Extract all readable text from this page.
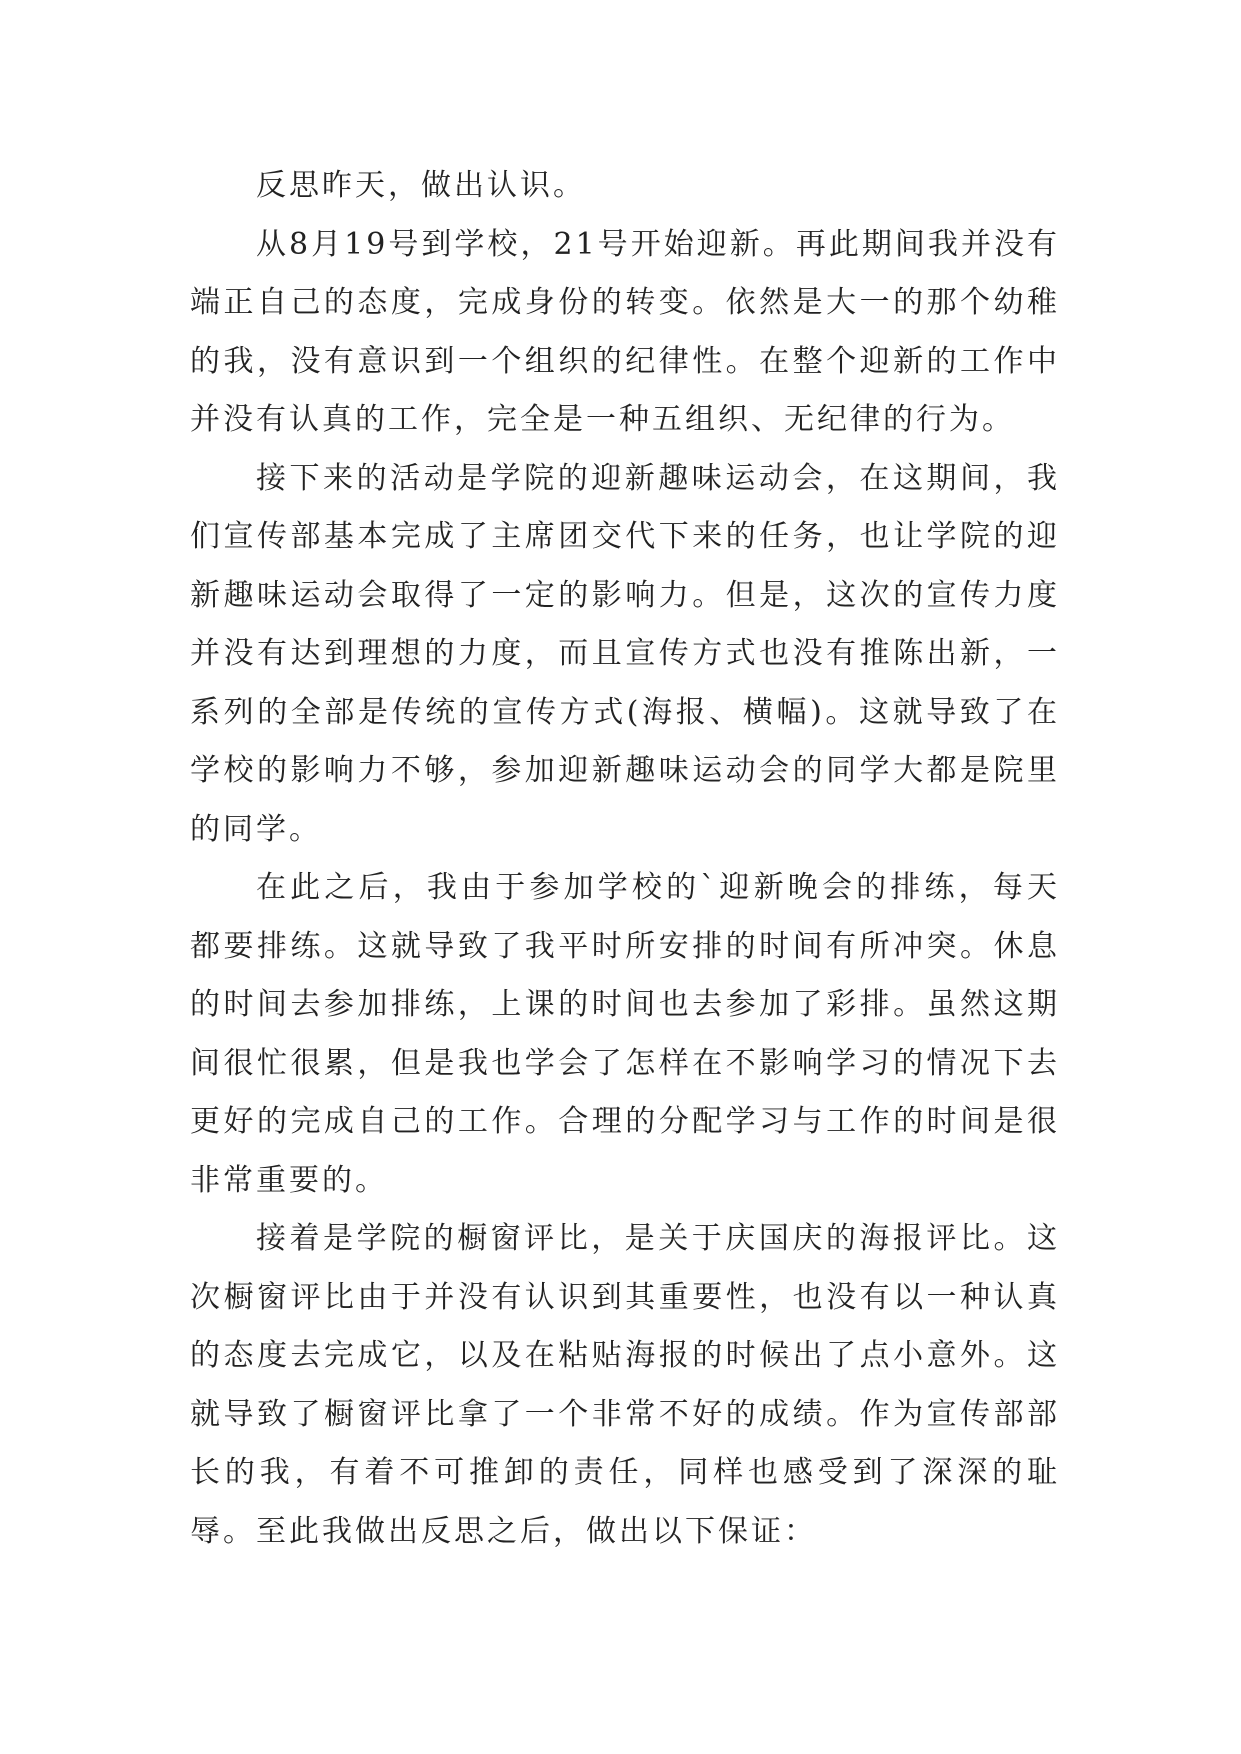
反思昨天，做出认识。

从8月19号到学校，21号开始迎新。再此期间我并没有端正自己的态度，完成身份的转变。依然是大一的那个幼稚的我，没有意识到一个组织的纪律性。在整个迎新的工作中并没有认真的工作，完全是一种五组织、无纪律的行为。

接下来的活动是学院的迎新趣味运动会，在这期间，我们宣传部基本完成了主席团交代下来的任务，也让学院的迎新趣味运动会取得了一定的影响力。但是，这次的宣传力度并没有达到理想的力度，而且宣传方式也没有推陈出新，一系列的全部是传统的宣传方式(海报、横幅)。这就导致了在学校的影响力不够，参加迎新趣味运动会的同学大都是院里的同学。

在此之后，我由于参加学校的`迎新晚会的排练，每天都要排练。这就导致了我平时所安排的时间有所冲突。休息的时间去参加排练，上课的时间也去参加了彩排。虽然这期间很忙很累，但是我也学会了怎样在不影响学习的情况下去更好的完成自己的工作。合理的分配学习与工作的时间是很非常重要的。

接着是学院的橱窗评比，是关于庆国庆的海报评比。这次橱窗评比由于并没有认识到其重要性，也没有以一种认真的态度去完成它，以及在粘贴海报的时候出了点小意外。这就导致了橱窗评比拿了一个非常不好的成绩。作为宣传部部长的我，有着不可推卸的责任，同样也感受到了深深的耻辱。至此我做出反思之后，做出以下保证：
